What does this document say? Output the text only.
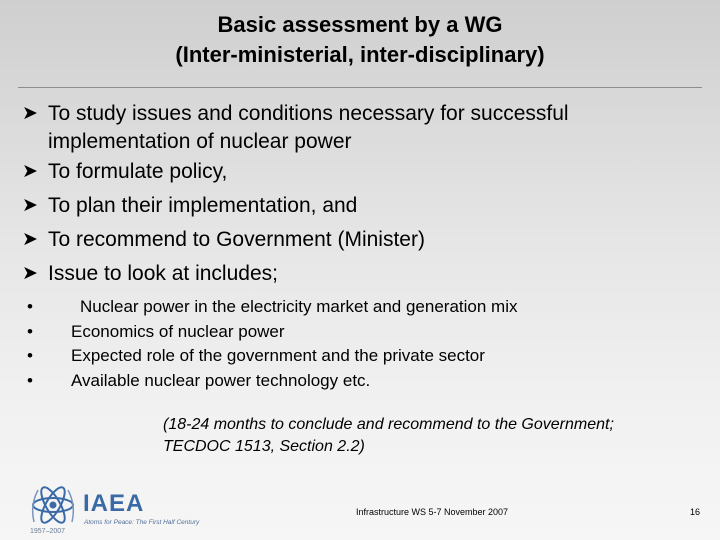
Basic assessment by a WG
(Inter-ministerial, inter-disciplinary)
➤ To study issues and conditions necessary for successful
implementation of nuclear power
➤ To formulate policy,
➤ To plan their implementation, and
➤ To recommend to Government (Minister)
➤ Issue to look at includes;
•	Nuclear power in the electricity market and generation mix
• Economics of nuclear power
• Expected role of the government and the private sector
• Available nuclear power technology etc.
(18-24 months to conclude and recommend to the Government;
TECDOC 1513, Section 2.2)
IAEA
Atoms for Peace: The First Half Century
1957–2007
Infrastructure WS 5-7 November 2007	16
